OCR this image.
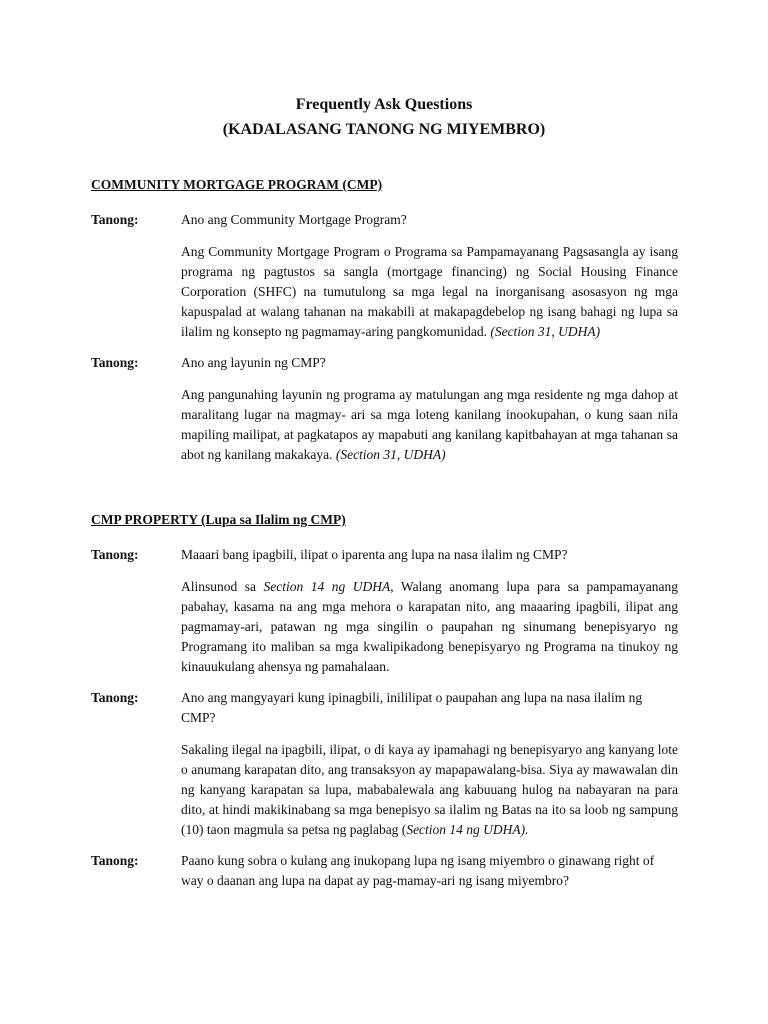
Frequently Ask Questions
(KADALASANG TANONG NG MIYEMBRO)
COMMUNITY MORTGAGE PROGRAM (CMP)
Tanong:	Ano ang Community Mortgage Program?
Ang Community Mortgage Program o Programa sa Pampamayanang Pagsasangla ay isang programa ng pagtustos sa sangla (mortgage financing) ng Social Housing Finance Corporation (SHFC) na tumutulong sa mga legal na inorganisang asosasyon ng mga kapuspalad at walang tahanan na makabili at makapagdebelop ng isang bahagi ng lupa sa ilalim ng konsepto ng pagmamay-aring pangkomunidad. (Section 31, UDHA)
Tanong:	Ano ang layunin ng CMP?
Ang pangunahing layunin ng programa ay matulungan ang mga residente ng mga dahop at maralitang lugar na magmay- ari sa mga loteng kanilang inookupahan, o kung saan nila mapiling mailipat, at pagkatapos ay mapabuti ang kanilang kapitbahayan at mga tahanan sa abot ng kanilang makakaya. (Section 31, UDHA)
CMP PROPERTY (Lupa sa Ilalim ng CMP)
Tanong:	Maaari bang ipagbili, ilipat o iparenta ang lupa na nasa ilalim ng CMP?
Alinsunod sa Section 14 ng UDHA, Walang anomang lupa para sa pampamayanang pabahay, kasama na ang mga mehora o karapatan nito, ang maaaring ipagbili, ilipat ang pagmamay-ari, patawan ng mga singilin o paupahan ng sinumang benepisyaryo ng Programang ito maliban sa mga kwalipikadong benepisyaryo ng Programa na tinukoy ng kinauukulang ahensya ng pamahalaan.
Tanong:	Ano ang mangyayari kung ipinagbili, inililipat o paupahan ang lupa na nasa ilalim ng CMP?
Sakaling ilegal na ipagbili, ilipat, o di kaya ay ipamahagi ng benepisyaryo ang kanyang lote o anumang karapatan dito, ang transaksyon ay mapapawalang-bisa. Siya ay mawawalan din ng kanyang karapatan sa lupa, mababalewala ang kabuuang hulog na nabayaran na para dito, at hindi makikinabang sa mga benepisyo sa ilalim ng Batas na ito sa loob ng sampung (10) taon magmula sa petsa ng paglabag (Section 14 ng UDHA).
Tanong:	Paano kung sobra o kulang ang inukopang lupa ng isang miyembro o ginawang right of way o daanan ang lupa na dapat ay pag-mamay-ari ng isang miyembro?
